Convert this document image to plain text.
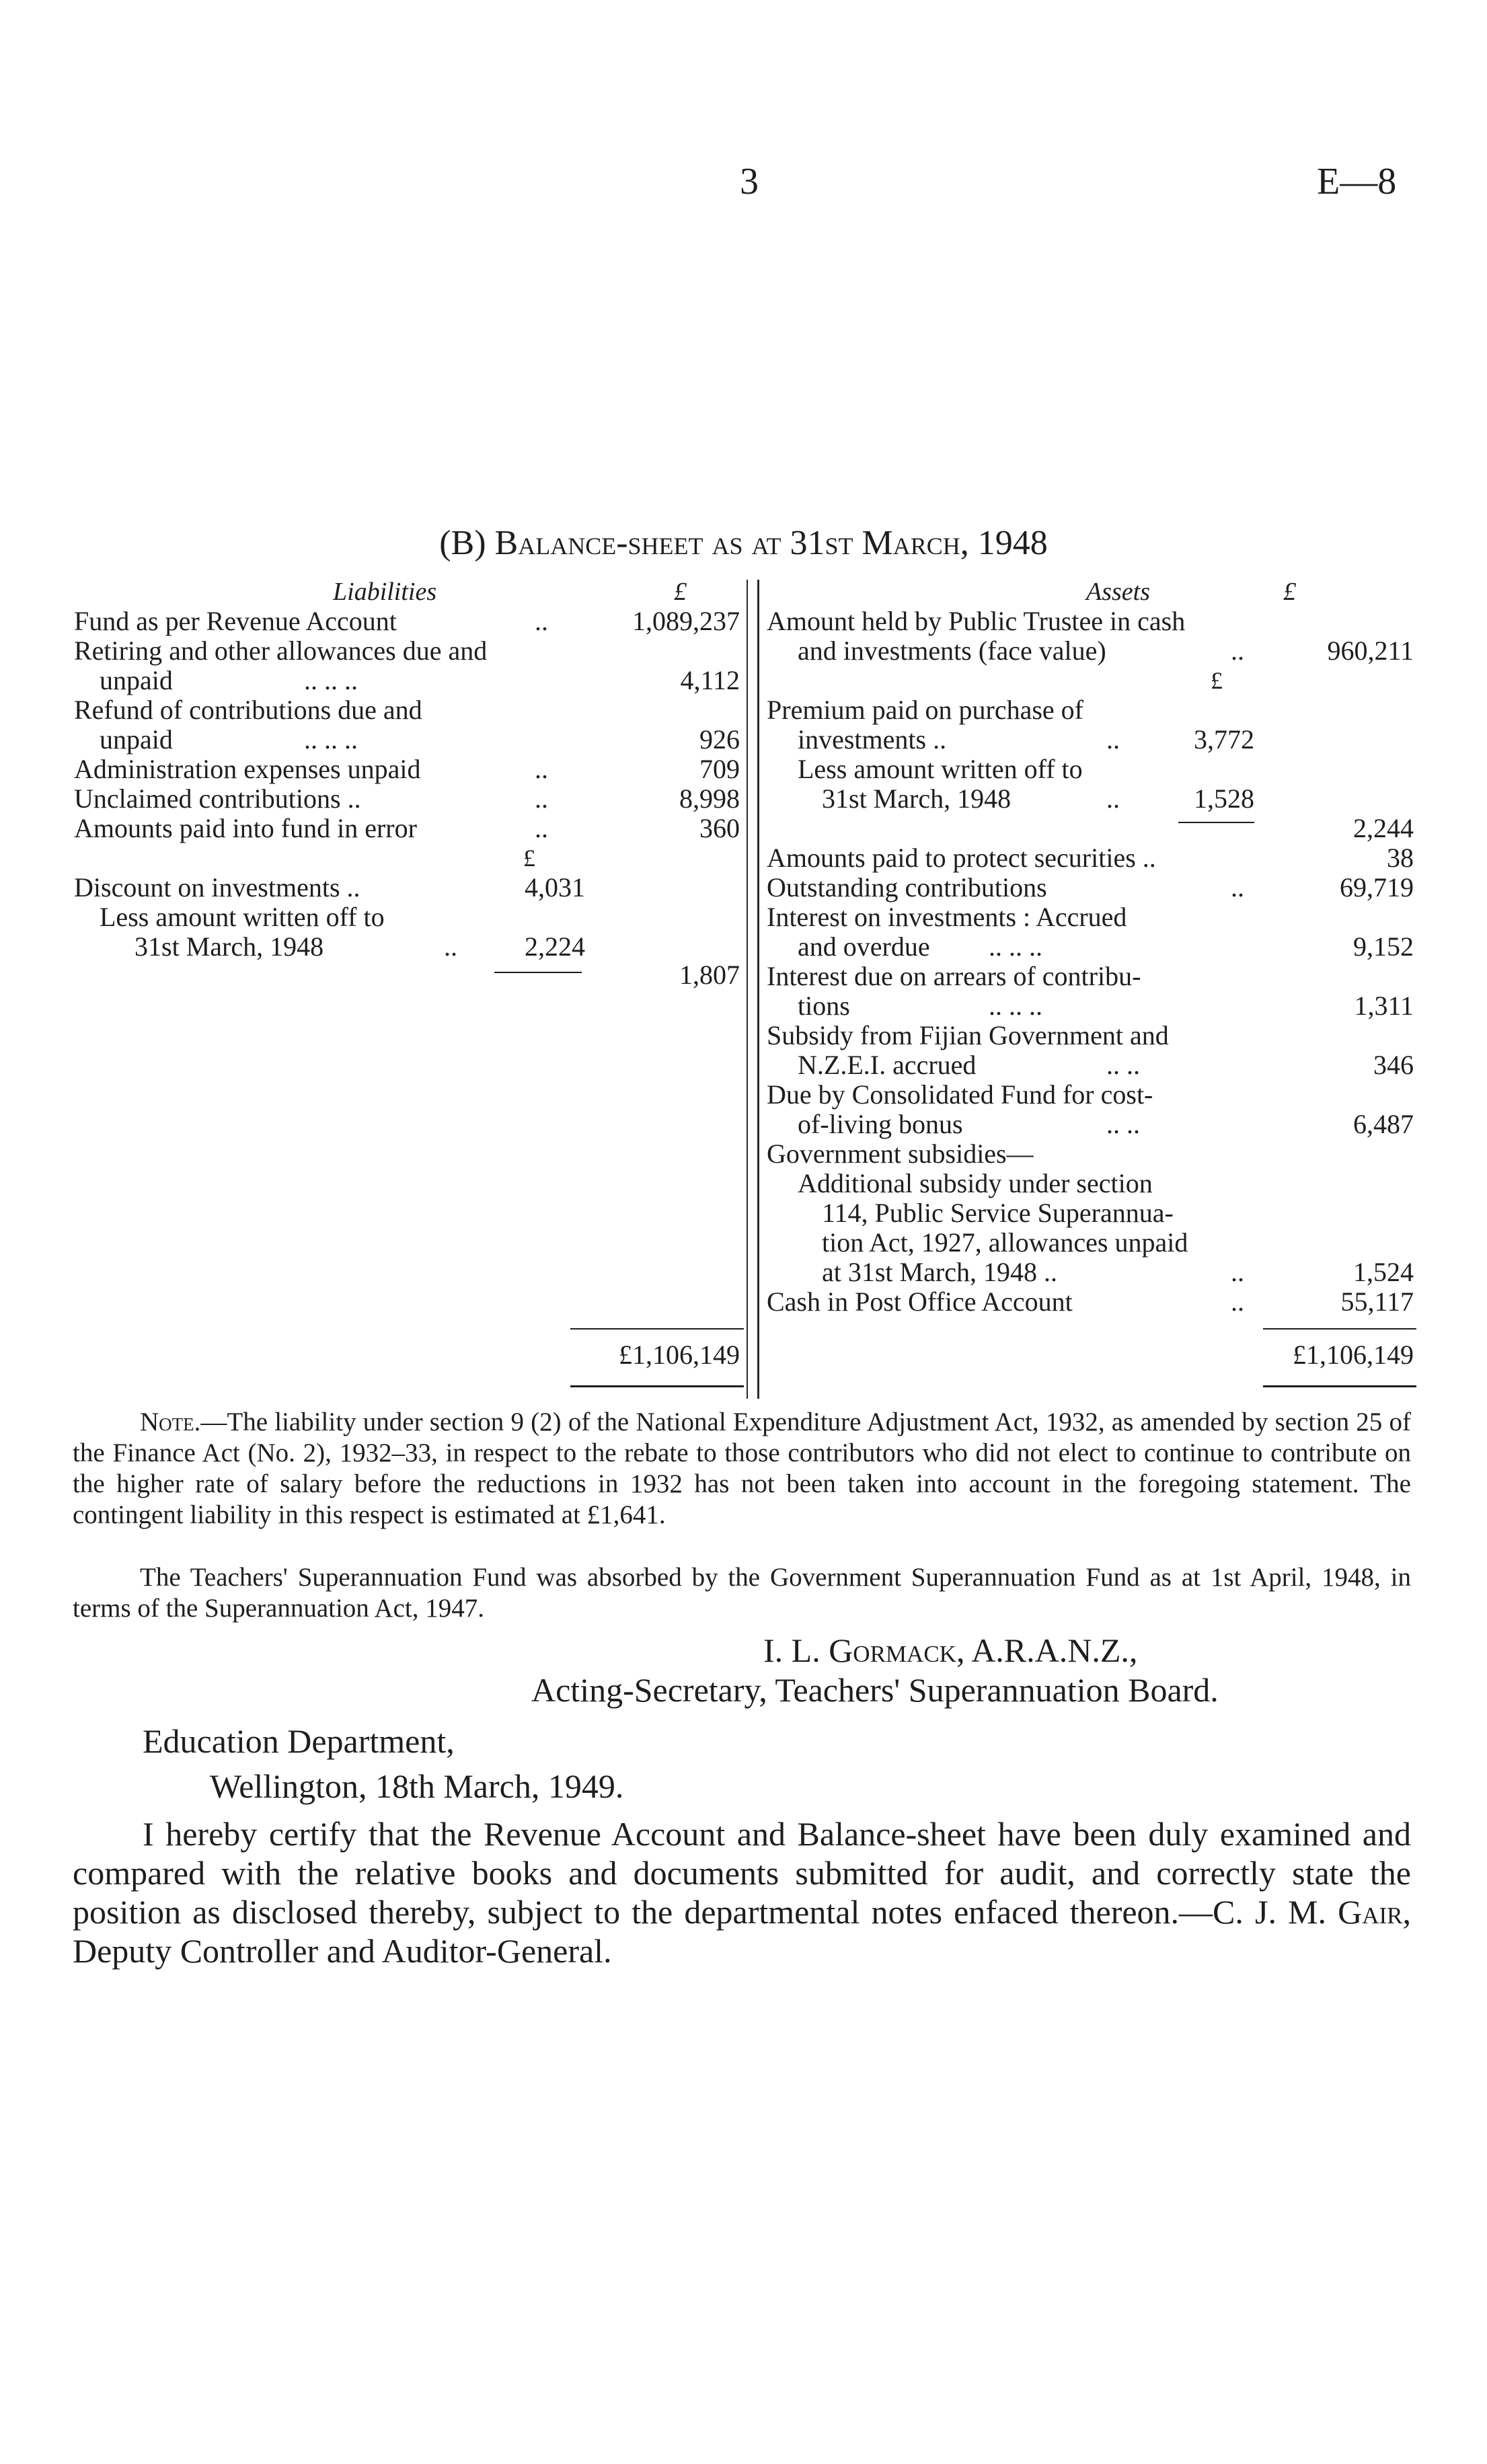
3	E—8
(B) Balance-sheet as at 31st March, 1948
Liabilities	£
Fund as per Revenue Account	..	1,089,237
Retiring and other allowances due and
unpaid	.. .. ..	4,112
Refund of contributions due and
unpaid	.. .. ..	926
Administration expenses unpaid	..	709
Unclaimed contributions ..	..	8,998
Amounts paid into fund in error	..	360
£
Discount on investments ..	4,031
Less amount written off to
31st March, 1948	..	2,224
1,807
£1,106,149
Assets	£
Amount held by Public Trustee in cash
and investments (face value)	..	960,211
£
Premium paid on purchase of
investments ..	..	3,772
Less amount written off to
31st March, 1948	..	1,528
2,244
Amounts paid to protect securities ..	38
Outstanding contributions	..	69,719
Interest on investments : Accrued
and overdue .. .. ..	9,152
Interest due on arrears of contribu-
tions	.. .. ..	1,311
Subsidy from Fijian Government and
N.Z.E.I. accrued	.. ..	346
Due by Consolidated Fund for cost-
of-living bonus	.. ..	6,487
Government subsidies—
Additional subsidy under section
114, Public Service Superannua-
tion Act, 1927, allowances unpaid
at 31st March, 1948 ..	..	1,524
Cash in Post Office Account	..	55,117
£1,106,149
Note.—The liability under section 9 (2) of the National Expenditure Adjustment Act, 1932, as amended by section 25 of the Finance Act (No. 2), 1932–33, in respect to the rebate to those contributors who did not elect to continue to contribute on the higher rate of salary before the reductions in 1932 has not been taken into account in the foregoing statement. The contingent liability in this respect is estimated at £1,641.
The Teachers' Superannuation Fund was absorbed by the Government Superannuation Fund as at 1st April, 1948, in terms of the Superannuation Act, 1947.
I. L. Gormack, A.R.A.N.Z.,
Acting-Secretary, Teachers' Superannuation Board.
Education Department,
Wellington, 18th March, 1949.
I hereby certify that the Revenue Account and Balance-sheet have been duly examined and compared with the relative books and documents submitted for audit, and correctly state the position as disclosed thereby, subject to the departmental notes enfaced thereon.—C. J. M. Gair, Deputy Controller and Auditor-General.
